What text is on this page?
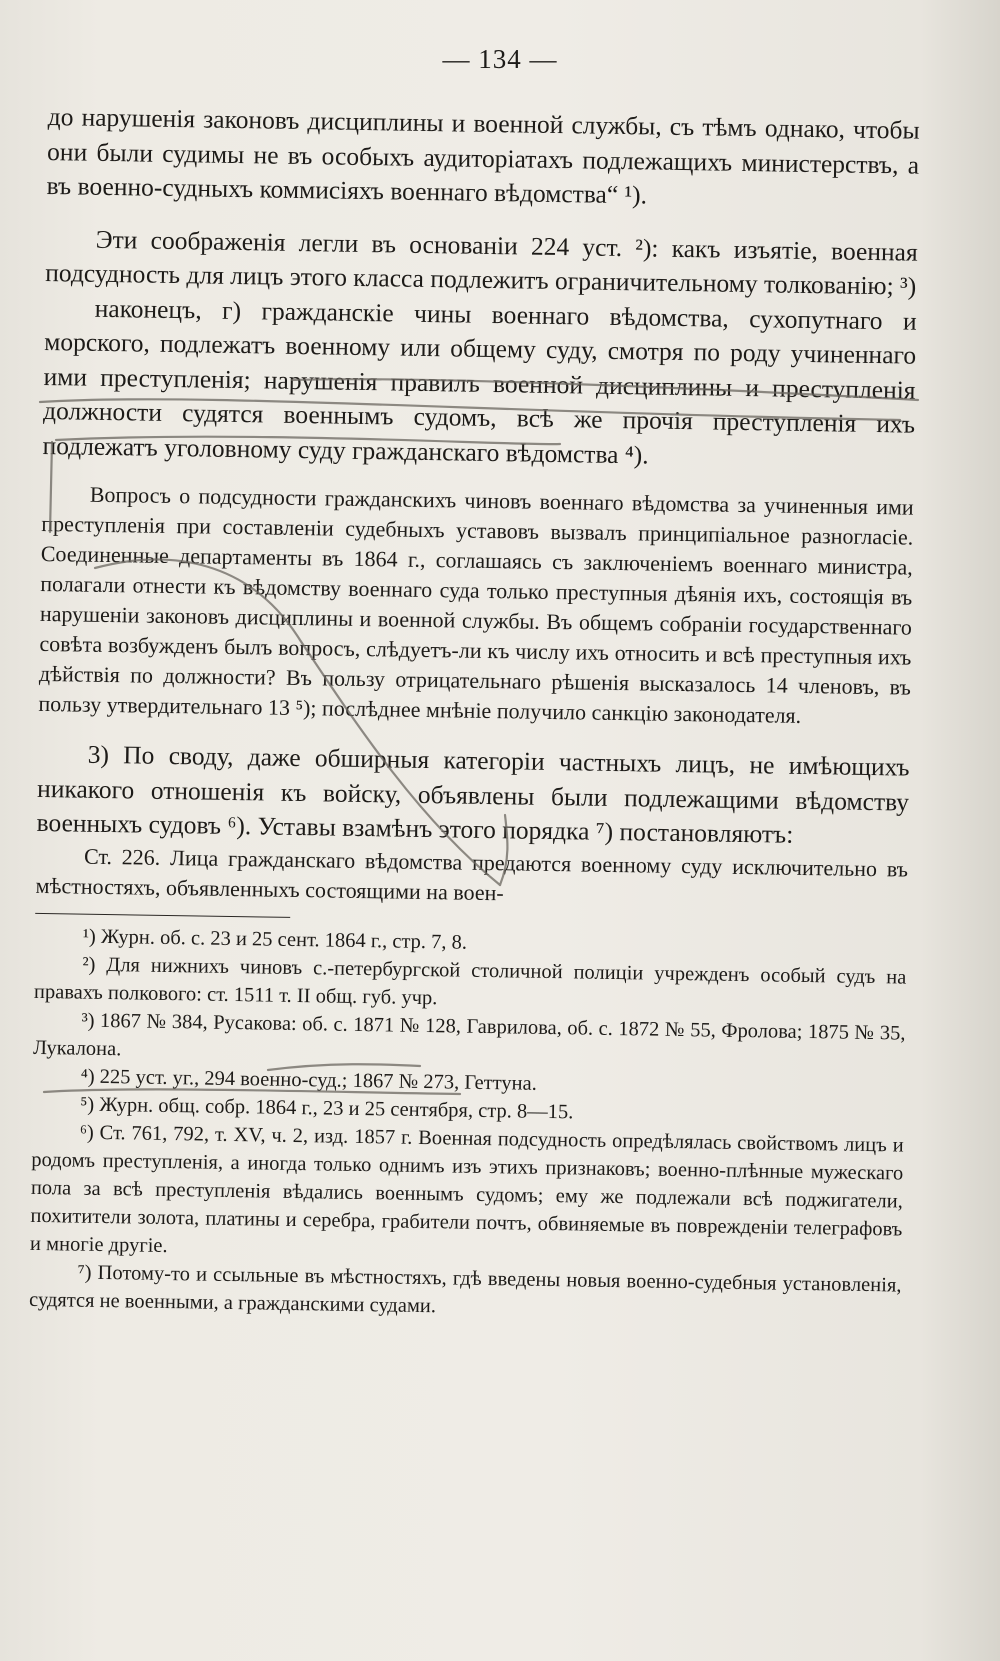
— 134 —

до нарушенія законовъ дисциплины и военной службы, съ тѣмъ однако, чтобы они были судимы не въ особыхъ аудиторіатахъ подлежащихъ министерствъ, а въ военно-судныхъ коммисіяхъ военнаго вѣдомства“ ¹).

Эти соображенія легли въ основаніи 224 уст. ²): какъ изъятіе, военная подсудность для лицъ этого класса подлежитъ ограничительному толкованію; ³)

наконецъ, г) гражданскіе чины военнаго вѣдомства, сухопутнаго и морского, подлежатъ военному или общему суду, смотря по роду учиненнаго ими преступленія; нарушенія правилъ военной дисциплины и преступленія должности судятся военнымъ судомъ, всѣ же прочія преступленія ихъ подлежатъ уголовному суду гражданскаго вѣдомства ⁴).

Вопросъ о подсудности гражданскихъ чиновъ военнаго вѣдомства за учиненныя ими преступленія при составленіи судебныхъ уставовъ вызвалъ принципіальное разногласіе. Соединенные департаменты въ 1864 г., соглашаясь съ заключеніемъ военнаго министра, полагали отнести къ вѣдомству военнаго суда только преступныя дѣянія ихъ, состоящія въ нарушеніи законовъ дисциплины и военной службы. Въ общемъ собраніи государственнаго совѣта возбужденъ былъ вопросъ, слѣдуетъ-ли къ числу ихъ относить и всѣ преступныя ихъ дѣйствія по должности? Въ пользу отрицательнаго рѣшенія высказалось 14 членовъ, въ пользу утвердительнаго 13 ⁵); послѣднее мнѣніе получило санкцію законодателя.

3) По своду, даже обширныя категоріи частныхъ лицъ, не имѣющихъ никакого отношенія къ войску, объявлены были подлежащими вѣдомству военныхъ судовъ ⁶). Уставы взамѣнъ этого порядка ⁷) постановляютъ:

Ст. 226. Лица гражданскаго вѣдомства предаются военному суду исключительно въ мѣстностяхъ, объявленныхъ состоящими на воен-

¹) Журн. об. с. 23 и 25 сент. 1864 г., стр. 7, 8.

²) Для нижнихъ чиновъ с.-петербургской столичной полиціи учрежденъ особый судъ на правахъ полкового: ст. 1511 т. II общ. губ. учр.

³) 1867 № 384, Русакова: об. с. 1871 № 128, Гаврилова, об. с. 1872 № 55, Фролова; 1875 № 35, Лукалона.

⁴) 225 уст. уг., 294 военно-суд.; 1867 № 273, Геттуна.

⁵) Журн. общ. собр. 1864 г., 23 и 25 сентября, стр. 8—15.

⁶) Ст. 761, 792, т. XV, ч. 2, изд. 1857 г. Военная подсудность опредѣлялась свойствомъ лицъ и родомъ преступленія, а иногда только однимъ изъ этихъ признаковъ; военно-плѣнные мужескаго пола за всѣ преступленія вѣдались военнымъ судомъ; ему же подлежали всѣ поджигатели, похитители золота, платины и серебра, грабители почтъ, обвиняемые въ поврежденіи телеграфовъ и многіе другіе.

⁷) Потому-то и ссыльные въ мѣстностяхъ, гдѣ введены новыя военно-судебныя установленія, судятся не военными, а гражданскими судами.
